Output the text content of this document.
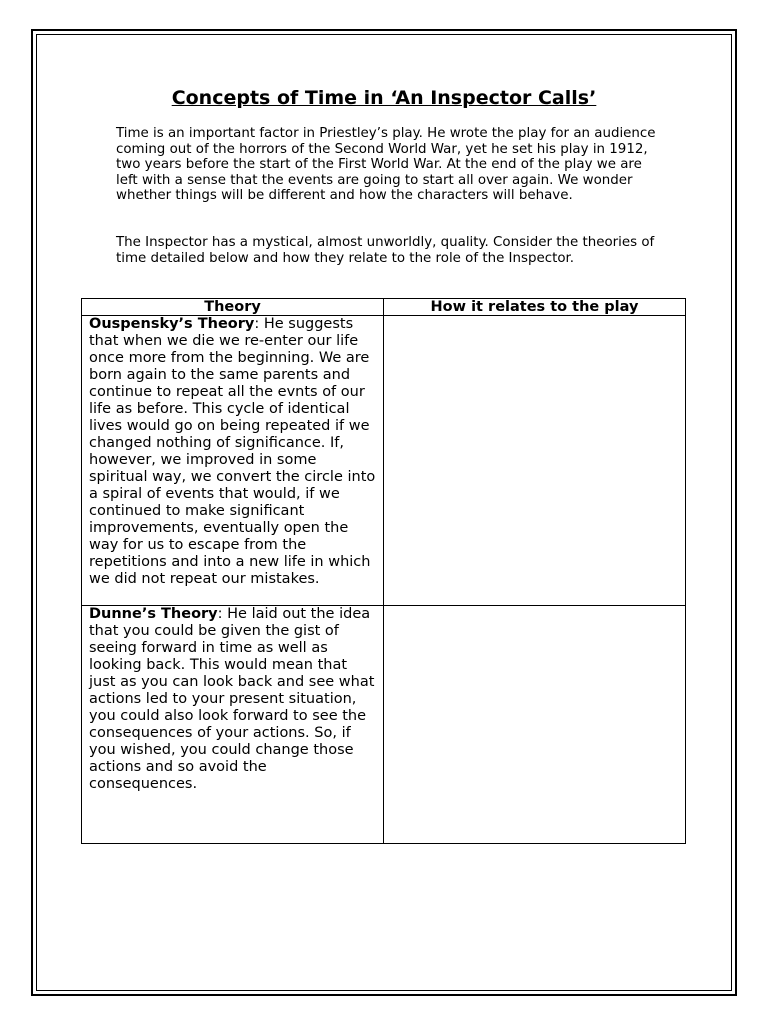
Concepts of Time in ‘An Inspector Calls’

Time is an important factor in Priestley’s play. He wrote the play for an audience coming out of the horrors of the Second World War, yet he set his play in 1912, two years before the start of the First World War. At the end of the play we are left with a sense that the events are going to start all over again. We wonder whether things will be different and how the characters will behave.

The Inspector has a mystical, almost unworldly, quality. Consider the theories of time detailed below and how they relate to the role of the Inspector.

Theory	How it relates to the play
Ouspensky’s Theory: He suggests that when we die we re-enter our life once more from the beginning. We are born again to the same parents and continue to repeat all the evnts of our life as before. This cycle of identical lives would go on being repeated if we changed nothing of significance. If, however, we improved in some spiritual way, we convert the circle into a spiral of events that would, if we continued to make significant improvements, eventually open the way for us to escape from the repetitions and into a new life in which we did not repeat our mistakes.	
Dunne’s Theory: He laid out the idea that you could be given the gist of seeing forward in time as well as looking back. This would mean that just as you can look back and see what actions led to your present situation, you could also look forward to see the consequences of your actions. So, if you wished, you could change those actions and so avoid the consequences.	
